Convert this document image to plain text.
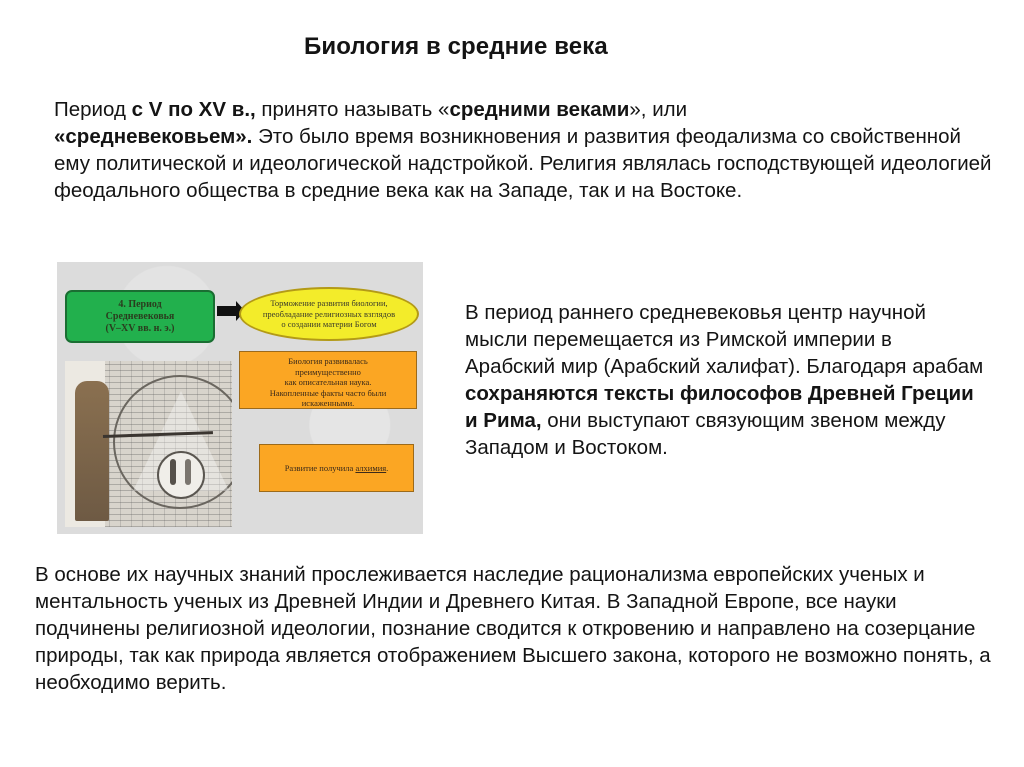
Биология в средние века

Период с V по XV в., принято называть «средними веками», или
«средневековьем». Это было время возникновения и развития феодализма со свойственной ему политической и идеологической надстройкой. Религия являлась господствующей идеологией феодального общества в средние века как на Западе, так и на Востоке.

4. Период
Средневековья
(V–XV вв. н. э.)
Торможение развития биологии,
преобладание религиозных взглядов
о создании материи Богом
Биология развивалась
преимущественно
как описательная наука.
Накопленные факты часто были
искаженными.
Развитие получила алхимия.

В период раннего средневековья центр научной мысли перемещается из Римской империи в Арабский мир (Арабский халифат). Благодаря арабам сохраняются тексты философов Древней Греции и Рима, они выступают связующим звеном между Западом и Востоком.

В основе их научных знаний прослеживается наследие рационализма европейских ученых и ментальность ученых из Древней Индии и Древнего Китая. В Западной Европе, все науки подчинены религиозной идеологии, познание сводится к откровению и направлено на созерцание природы, так как природа является отображением Высшего закона, которого не возможно понять, а необходимо верить.
